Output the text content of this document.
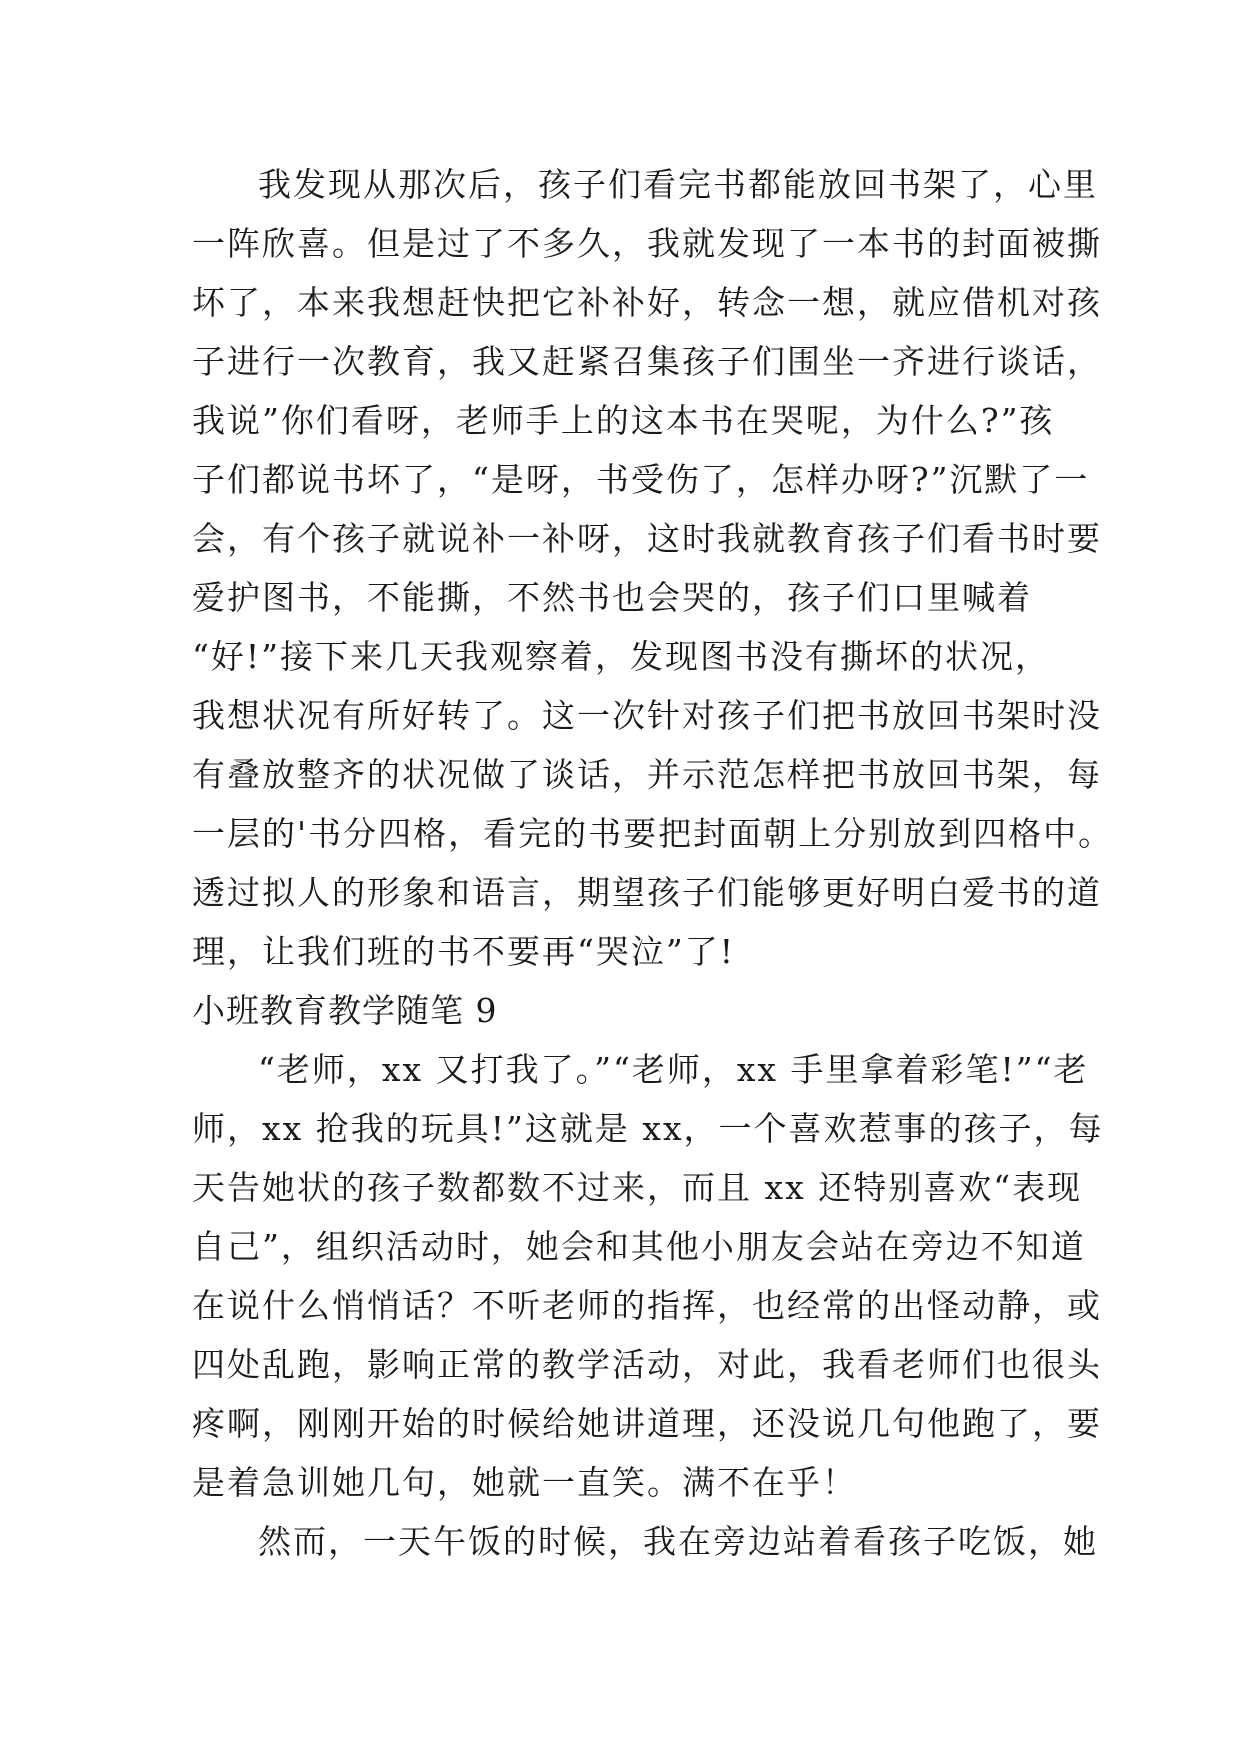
我发现从那次后，孩子们看完书都能放回书架了，心里
一阵欣喜。但是过了不多久，我就发现了一本书的封面被撕
坏了，本来我想赶快把它补补好，转念一想，就应借机对孩
子进行一次教育，我又赶紧召集孩子们围坐一齐进行谈话，
我说”你们看呀，老师手上的这本书在哭呢，为什么?”孩
子们都说书坏了，“是呀，书受伤了，怎样办呀?”沉默了一
会，有个孩子就说补一补呀，这时我就教育孩子们看书时要
爱护图书，不能撕，不然书也会哭的，孩子们口里喊着
“好!”接下来几天我观察着，发现图书没有撕坏的状况，
我想状况有所好转了。这一次针对孩子们把书放回书架时没
有叠放整齐的状况做了谈话，并示范怎样把书放回书架，每
一层的'书分四格，看完的书要把封面朝上分别放到四格中。
透过拟人的形象和语言，期望孩子们能够更好明白爱书的道
理，让我们班的书不要再“哭泣”了!
小班教育教学随笔 9
“老师，xx 又打我了。”“老师，xx 手里拿着彩笔!”“老
师，xx 抢我的玩具!”这就是 xx，一个喜欢惹事的孩子，每
天告她状的孩子数都数不过来，而且 xx 还特别喜欢“表现
自己”，组织活动时，她会和其他小朋友会站在旁边不知道
在说什么悄悄话？不听老师的指挥，也经常的出怪动静，或
四处乱跑，影响正常的教学活动，对此，我看老师们也很头
疼啊，刚刚开始的时候给她讲道理，还没说几句他跑了，要
是着急训她几句，她就一直笑。满不在乎！
然而，一天午饭的时候，我在旁边站着看孩子吃饭，她
